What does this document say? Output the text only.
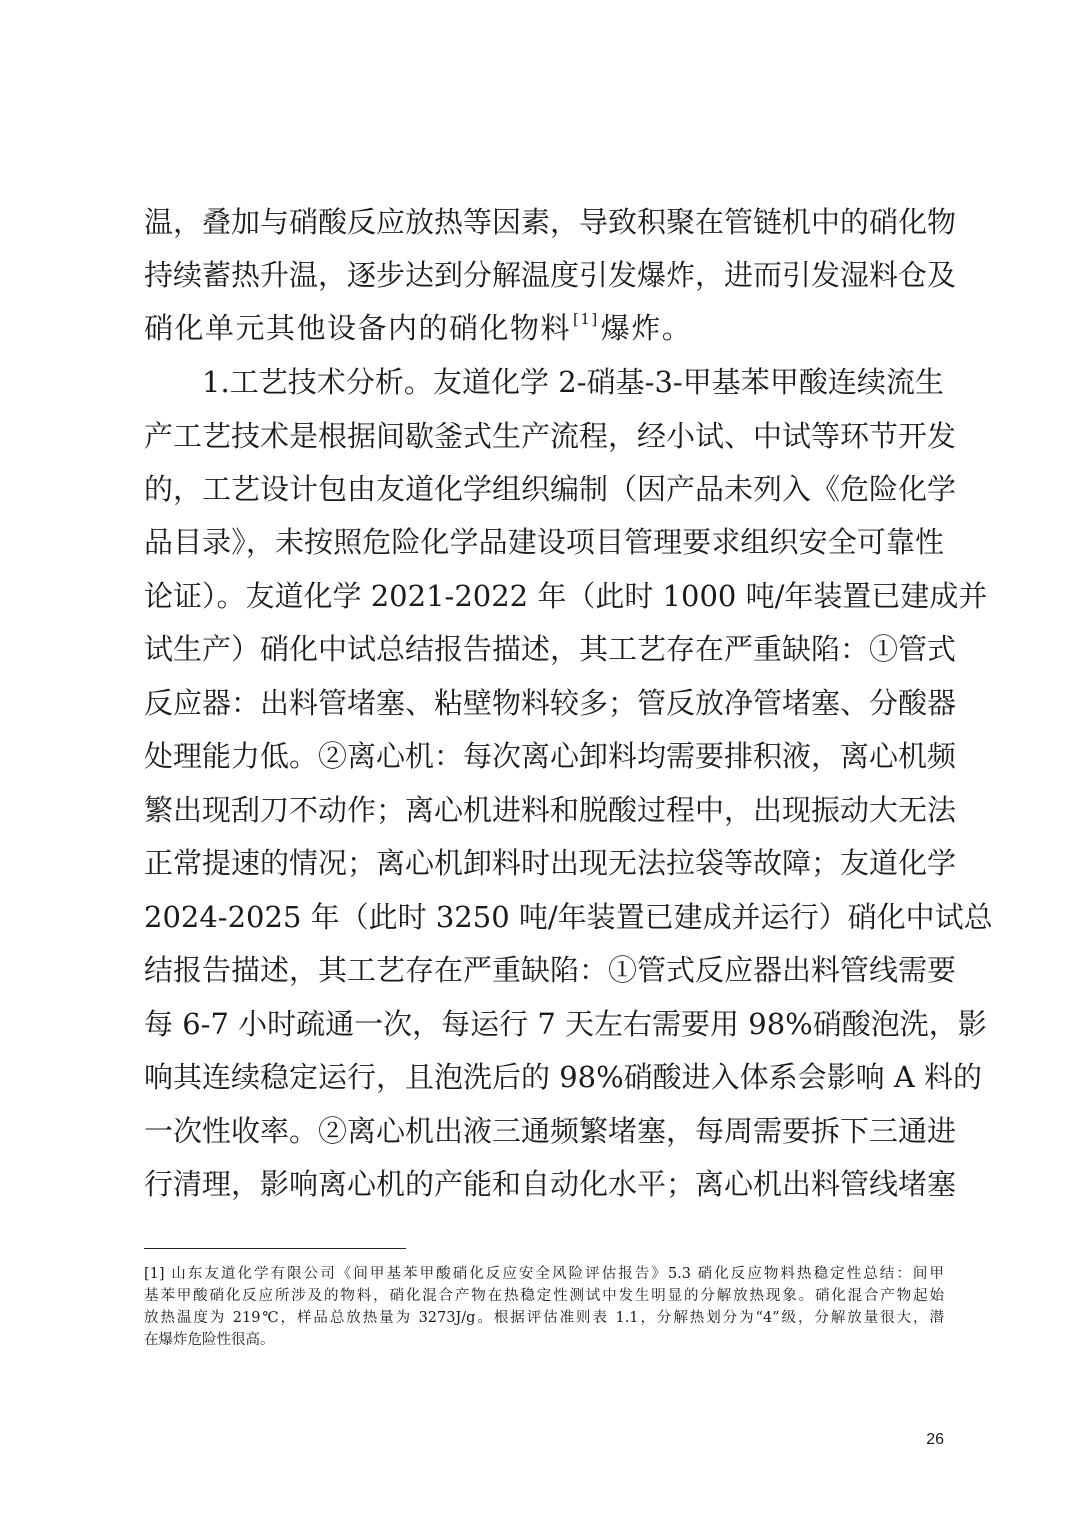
温，叠加与硝酸反应放热等因素，导致积聚在管链机中的硝化物
持续蓄热升温，逐步达到分解温度引发爆炸，进而引发湿料仓及
硝化单元其他设备内的硝化物料 [1]爆炸。
1.工艺技术分析。友道化学 2-硝基-3-甲基苯甲酸连续流生
产工艺技术是根据间歇釜式生产流程，经小试、中试等环节开发
的，工艺设计包由友道化学组织编制（因产品未列入《危险化学
品目录》，未按照危险化学品建设项目管理要求组织安全可靠性
论证）。友道化学 2021-2022 年（此时 1000 吨/年装置已建成并
试生产）硝化中试总结报告描述，其工艺存在严重缺陷：①管式
反应器：出料管堵塞、粘壁物料较多；管反放净管堵塞、分酸器
处理能力低。②离心机：每次离心卸料均需要排积液，离心机频
繁出现刮刀不动作；离心机进料和脱酸过程中，出现振动大无法
正常提速的情况；离心机卸料时出现无法拉袋等故障；友道化学
2024-2025 年（此时 3250 吨/年装置已建成并运行）硝化中试总
结报告描述，其工艺存在严重缺陷：①管式反应器出料管线需要
每 6-7 小时疏通一次，每运行 7 天左右需要用 98%硝酸泡洗，影
响其连续稳定运行，且泡洗后的 98%硝酸进入体系会影响 A 料的
一次性收率。②离心机出液三通频繁堵塞，每周需要拆下三通进
行清理，影响离心机的产能和自动化水平；离心机出料管线堵塞
[1] 山东友道化学有限公司《间甲基苯甲酸硝化反应安全风险评估报告》5.3 硝化反应物料热稳定性总结：间甲
基苯甲酸硝化反应所涉及的物料，硝化混合产物在热稳定性测试中发生明显的分解放热现象。硝化混合产物起始
放热温度为 219℃，样品总放热量为 3273J/g。根据评估准则表 1.1，分解热划分为“4”级，分解放量很大，潜
在爆炸危险性很高。
26
